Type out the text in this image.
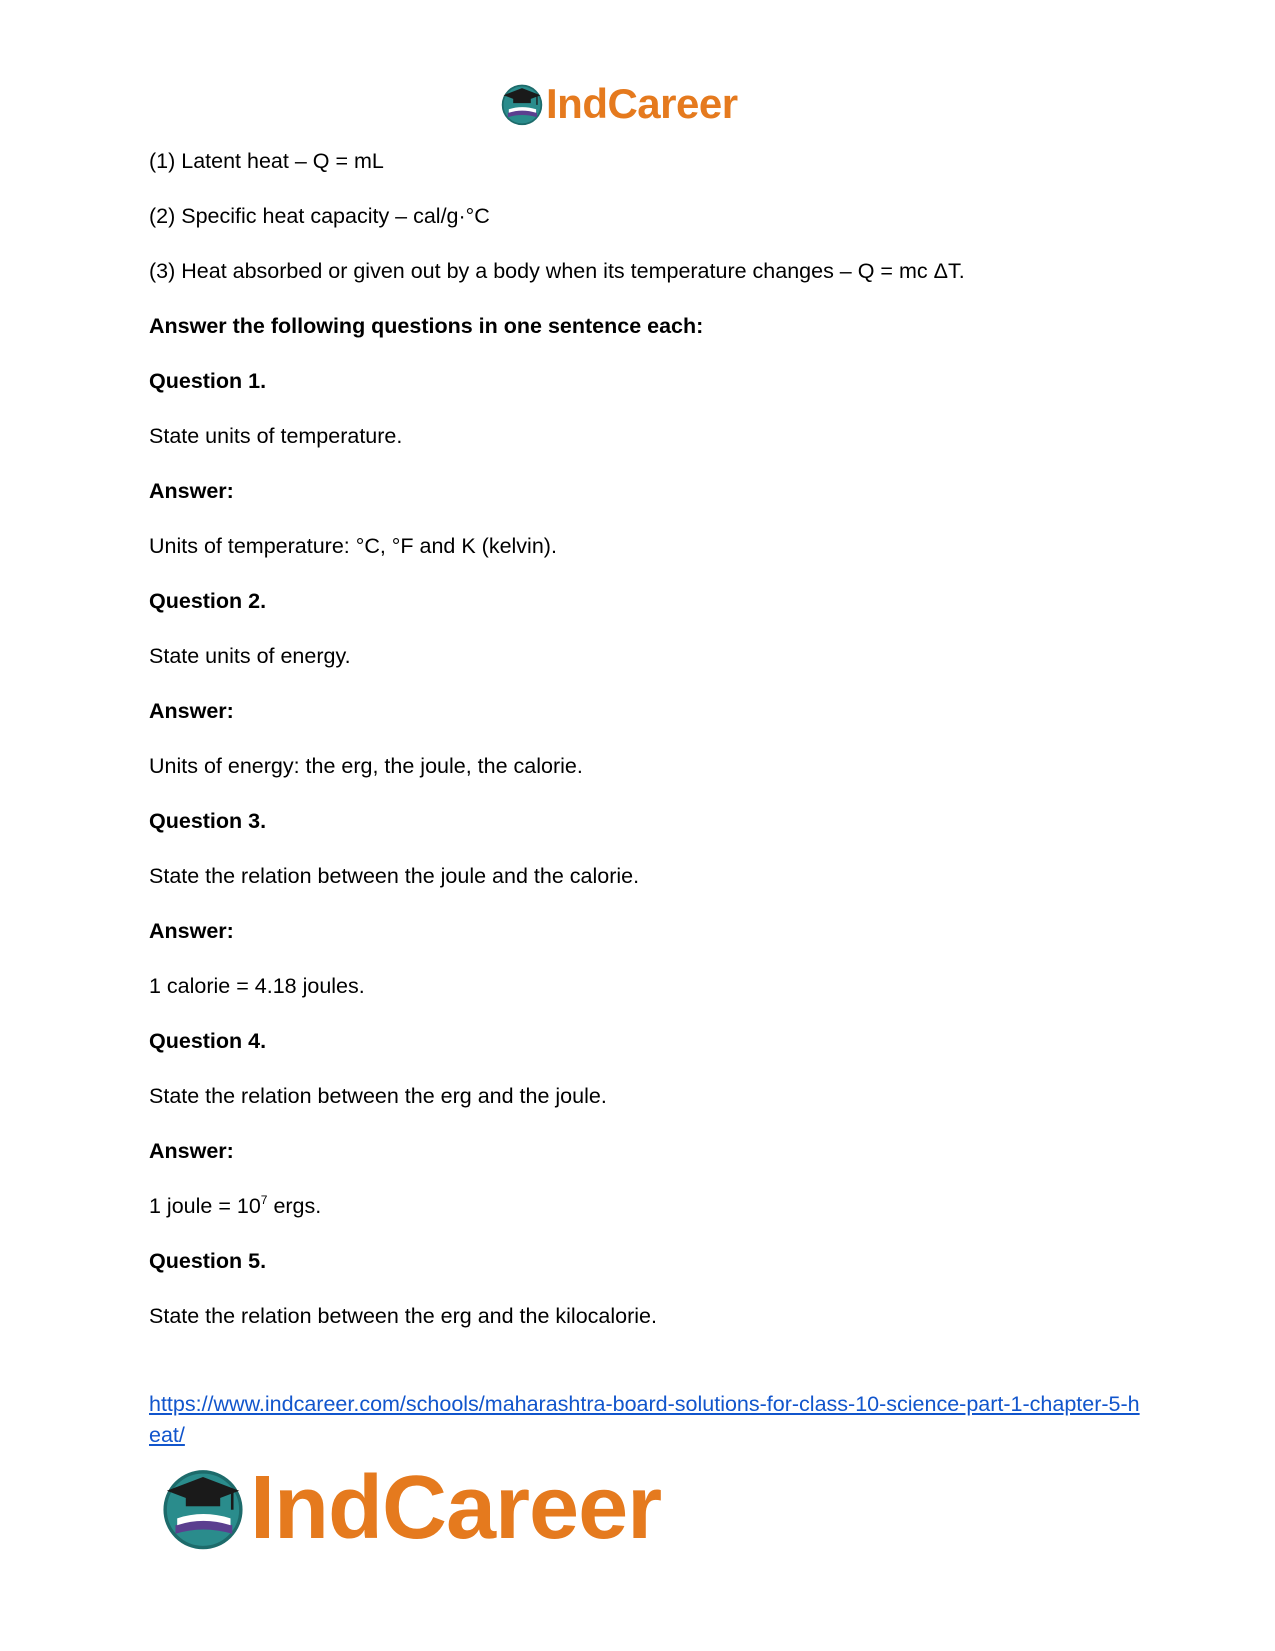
IndCareer

(1) Latent heat – Q = mL

(2) Specific heat capacity – cal/g·°C

(3) Heat absorbed or given out by a body when its temperature changes – Q = mc ΔT.

Answer the following questions in one sentence each:

Question 1.

State units of temperature.

Answer:

Units of temperature: °C, °F and K (kelvin).

Question 2.

State units of energy.

Answer:

Units of energy: the erg, the joule, the calorie.

Question 3.

State the relation between the joule and the calorie.

Answer:

1 calorie = 4.18 joules.

Question 4.

State the relation between the erg and the joule.

Answer:

1 joule = $10^7$ ergs.

Question 5.

State the relation between the erg and the kilocalorie.

https://www.indcareer.com/schools/maharashtra-board-solutions-for-class-10-science-part-1-chapter-5-heat/
IndCareer
